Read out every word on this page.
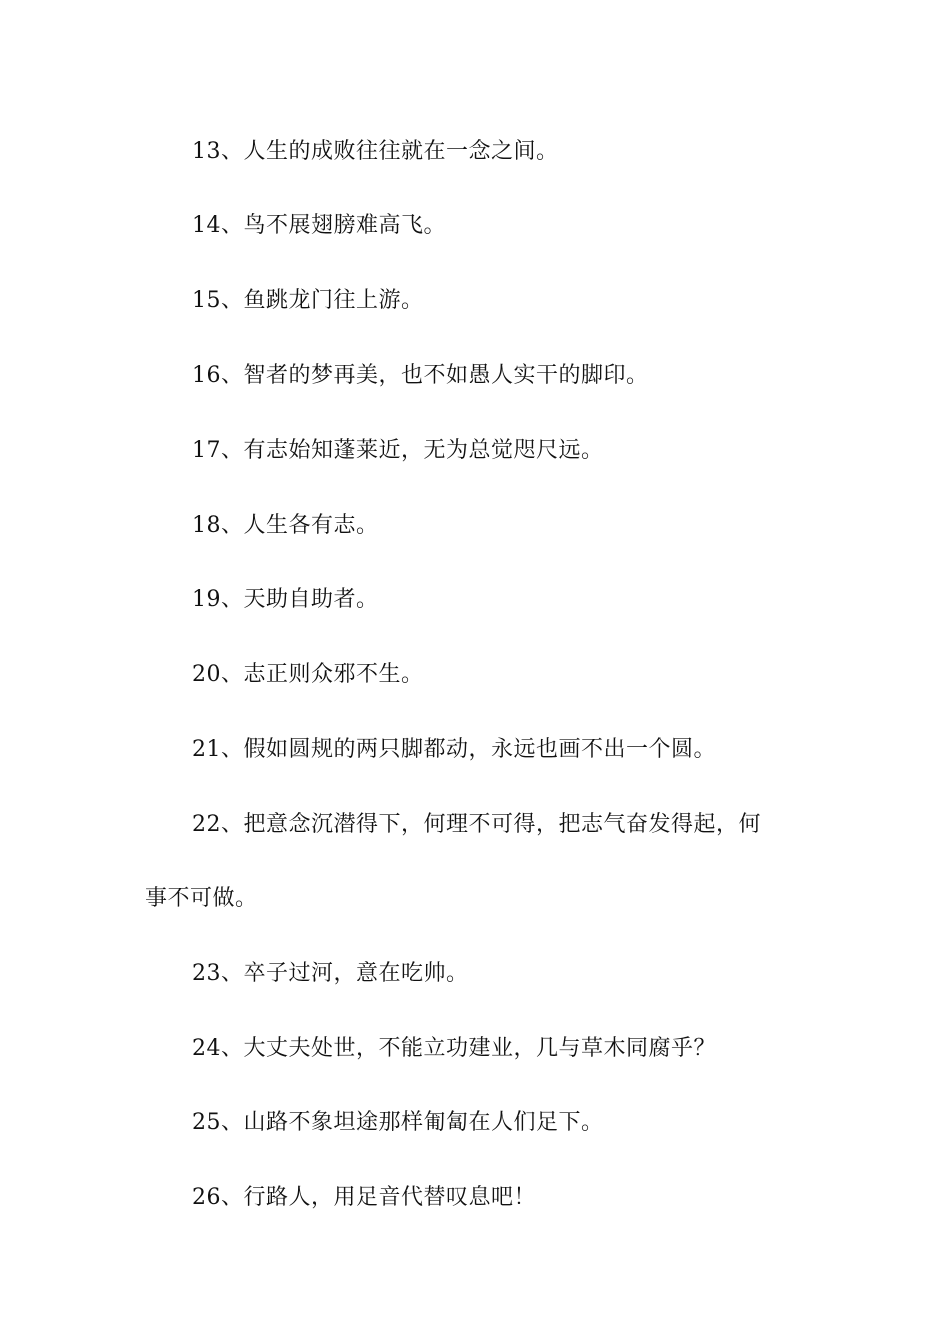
13、人生的成败往往就在一念之间。
14、鸟不展翅膀难高飞。
15、鱼跳龙门往上游。
16、智者的梦再美，也不如愚人实干的脚印。
17、有志始知蓬莱近，无为总觉咫尺远。
18、人生各有志。
19、天助自助者。
20、志正则众邪不生。
21、假如圆规的两只脚都动，永远也画不出一个圆。
22、把意念沉潜得下，何理不可得，把志气奋发得起，何
事不可做。
23、卒子过河，意在吃帅。
24、大丈夫处世，不能立功建业，几与草木同腐乎？
25、山路不象坦途那样匍匐在人们足下。
26、行路人，用足音代替叹息吧！
